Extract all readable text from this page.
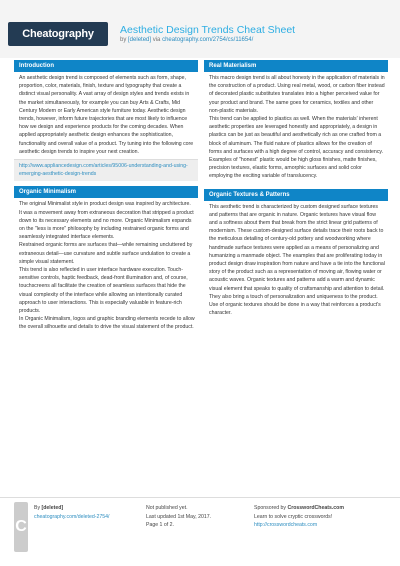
Cheatography	Aesthetic Design Trends Cheat Sheet
by [deleted] via cheatography.com/2754/cs/11654/
Introduction
An aesthetic design trend is composed of elements such as form, shape, proportion, color, materials, finish, texture and typography that create a distinct visual personality. A vast array of design styles and trends exists in the market simultaneously, for example you can buy Arts & Crafts, Mid Century Modern or Early American style furniture today. Aesthetic design trends, however, inform future trajectories that are most likely to influence how we design and experience products for the coming decades. When applied appropriately aesthetic design enhances the sophistication, functionality and overall value of a product. Try tuning into the following core aesthetic design trends to inspire your next creation.
http://www.appliancedesign.com/articles/95006-understanding-and-using-emerging-aesthetic-design-trends
Organic Minimalism

The original Minimalist style in product design was inspired by architecture. It was a movement away from extraneous decoration that stripped a product down to its necessary elements and no more. Organic Minimalism expands on the "less is more" philosophy by including restrained organic forms and seamlessly integrated interface elements.

Restrained organic forms are surfaces that—while remaining uncluttered by extraneous detail—use curvature and subtle surface undulation to create a simple visual statement.

This trend is also reflected in user interface hardware execution. Touch-sensitive controls, haptic feedback, dead-front illumination and, of course, touchscreens all facilitate the creation of seamless surfaces that hide the visual complexity of the interface while allowing an intentionally curated approach to user interactions. This is especially valuable in feature-rich products.

In Organic Minimalism, logos and graphic branding elements recede to allow the overall silhouette and details to drive the visual statement of the product.

Real Materialism

This macro design trend is all about honesty in the application of materials in the construction of a product. Using real metal, wood, or carbon fiber instead of decorated plastic substitutes translates into a higher perceived value for your product and brand. The same goes for ceramics, textiles and other non-plastic materials.

This trend can be applied to plastics as well. When the materials' inherent aesthetic properties are leveraged honestly and appropriately, a design in plastics can be just as beautiful and aesthetically rich as one crafted from a block of aluminum. The fluid nature of plastics allows for the creation of forms and surfaces with a high degree of control, accuracy and consistency. Examples of "honest" plastic would be high gloss finishes, matte finishes, precision textures, elastic forms, amorphic surfaces and solid color employing the exciting variable of translucency.

Organic Textures & Patterns

This aesthetic trend is characterized by custom designed surface textures and patterns that are organic in nature. Organic textures have visual flow and a softness about them that break from the strict linear grid patterns of modernism. These custom-designed surface details trace their roots back to the meticulous detailing of century-old pottery and woodworking where handmade surface textures were applied as a means of personalizing and humanizing a manmade object. The examples that are proliferating today in product design draw inspiration from nature and have a tie into the functional story of the product such as a representation of moving air, flowing water or acoustic waves. Organic textures and patterns add a warm and dynamic visual element that speaks to quality of craftsmanship and attention to detail. They also bring a touch of personalization and uniqueness to the product. Use of organic textures should be done in a way that reinforces a product's character.

C
By [deleted]
cheatography.com/deleted-2754/
Not published yet.
Last updated 1st May, 2017.
Page 1 of 2.
Sponsored by CrosswordCheats.com
Learn to solve cryptic crosswords!
http://crosswordcheats.com
